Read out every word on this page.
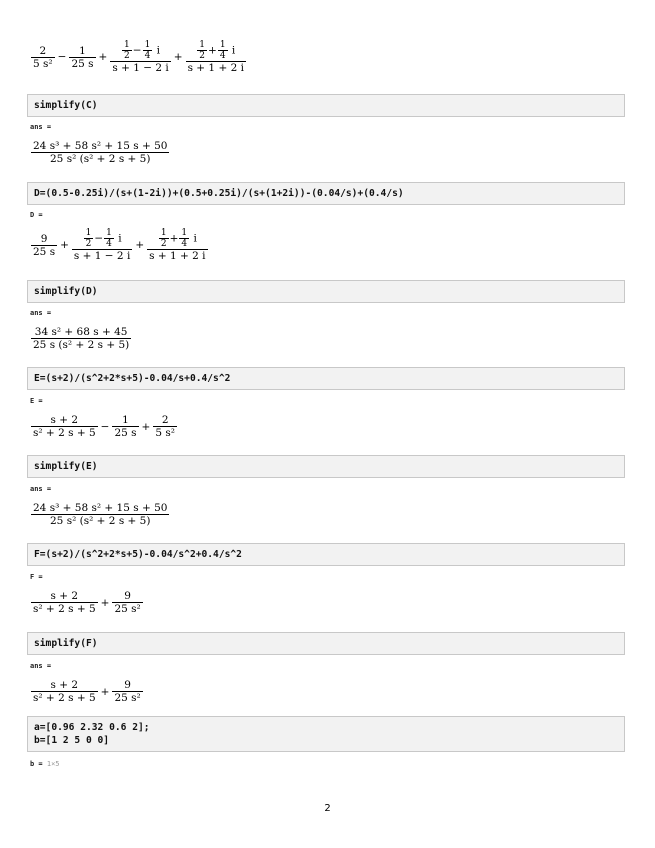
$\frac{2}{\text{5 s²}} - \frac{1}{25 s} + \frac{\frac{1}{2} - \frac{1}{4} i}{s + 1 - 2 i} + \frac{\frac{1}{2} + \frac{1}{4} i}{s + 1 + 2 i}$
simplify(C)
ans =
$\frac{\text{24 s³ + 58 s² + 15 s + 50}}{\text{25 s² (s² + 2 s + 5)}}$
D=(0.5-0.25i)/(s+(1-2i))+(0.5+0.25i)/(s+(1+2i))-(0.04/s)+(0.4/s)
D =
$\frac{9}{25 s} + \frac{\frac{1}{2} - \frac{1}{4} i}{s + 1 - 2 i} + \frac{\frac{1}{2} + \frac{1}{4} i}{s + 1 + 2 i}$
simplify(D)
ans =
$\frac{\text{34 s² + 68 s + 45}}{\text{25 s (s² + 2 s + 5)}}$
E=(s+2)/(s^2+2*s+5)-0.04/s+0.4/s^2
E =
$\frac{s + 2}{\text{s² + 2 s + 5}} - \frac{1}{25 s} + \frac{2}{\text{5 s²}}$
simplify(E)
ans =
$\frac{\text{24 s³ + 58 s² + 15 s + 50}}{\text{25 s² (s² + 2 s + 5)}}$
F=(s+2)/(s^2+2*s+5)-0.04/s^2+0.4/s^2
F =
$\frac{s + 2}{\text{s² + 2 s + 5}} + \frac{9}{\text{25 s²}}$
simplify(F)
ans =
$\frac{s + 2}{\text{s² + 2 s + 5}} + \frac{9}{\text{25 s²}}$
a=[0.96 2.32 0.6 2];
b=[1 2 5 0 0]
b = 1×5
2
